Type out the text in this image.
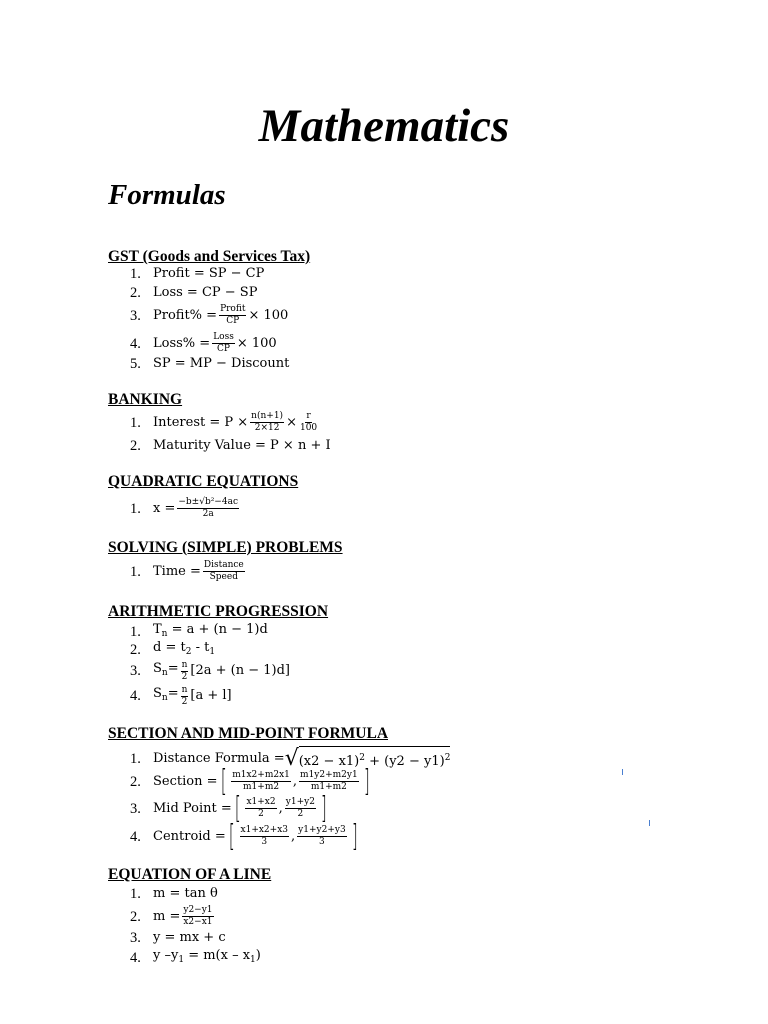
Mathematics
Formulas
GST (Goods and Services Tax)
1. Profit = SP − CP
2. Loss = CP − SP
3. Profit% = $\frac{\text{Profit}}{CP} \times 100$
4. Loss% = $\frac{\text{Loss}}{CP} \times 100$
5. SP = MP − Discount
BANKING
1. Interest = $P \times \frac{n(n+1)}{2\times 12} \times \frac{r}{100}$
2. Maturity Value = P × n + I
QUADRATIC EQUATIONS
1. $x = \frac{\text{−b±√b²−4ac}}{2a}$
SOLVING (SIMPLE) PROBLEMS
1. Time = $\frac{\text{Distance}}{\text{Speed}}$
ARITHMETIC PROGRESSION
1. $T_n = a + (n - 1)d$
2. $d = t_2 - t_1$
3. $S_n= \frac{n}{2} [2a + (n - 1)d]$
4. $S_n= \frac{n}{2} [a + l]$
SECTION AND MID-POINT FORMULA
1. Distance Formula = √ $(x2 - x1)^2 + (y2 - y1)^2$
2. Section = [ $\frac{m1x2+m2x1}{m1+m2}$ , $\frac{m1y2+m2y1}{m1+m2}$ ]
3. Mid Point = [ $\frac{x1+x2}{2}$ , $\frac{y1+y2}{2}$ ]
4. Centroid = [ $\frac{x1+x2+x3}{3}$ , $\frac{y1+y2+y3}{3}$ ]
EQUATION OF A LINE
1. m = tan θ
2. $m = \frac{y2-y1}{x2-x1}$
3. y = mx + c
4. y $-y_1 = m(x - x_1)$
